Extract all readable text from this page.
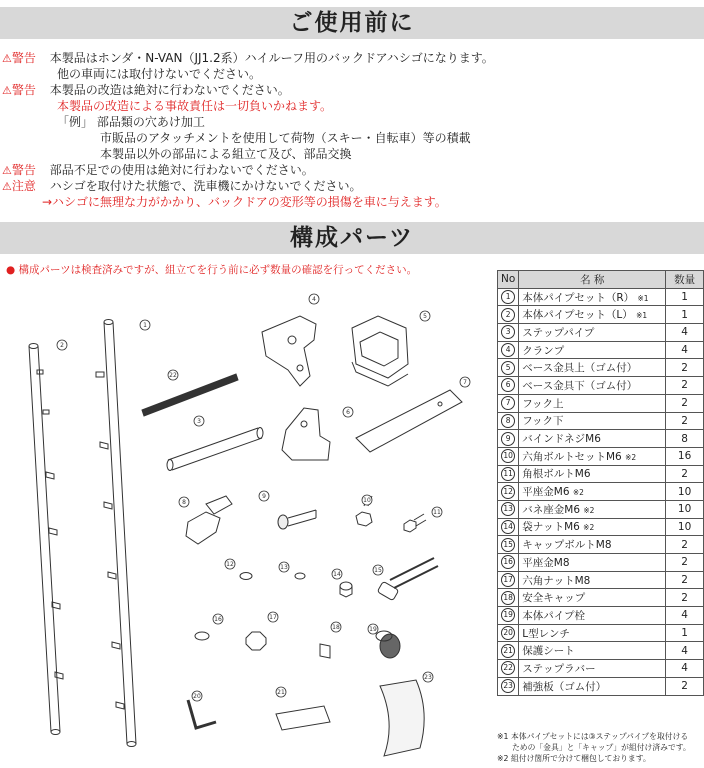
ご使用前に
⚠警告 本製品はホンダ・N-VAN（JJ1.2系）ハイルーフ用のバックドアハシゴになります。
他の車両には取付けないでください。
⚠警告 本製品の改造は絶対に行わないでください。
本製品の改造による事故責任は一切負いかねます。
「例」 部品類の穴あけ加工
市販品のアタッチメントを使用して荷物（スキー・自転車）等の積載
本製品以外の部品による組立て及び、部品交換
⚠警告 部品不足での使用は絶対に行わないでください。
⚠注意 ハシゴを取付けた状態で、洗車機にかけないでください。
→ハシゴに無理な力がかかり、バックドアの変形等の損傷を車に与えます。
構成パーツ
● 構成パーツは検査済みですが、組立てを行う前に必ず数量の確認を行ってください。
1
2
3
4
5
6
7
8
9
10
11
12	13
14
15
16	17
18	19
20
21
22
23
No	名 称	数量
1	本体パイプセット（R） ※1	1
2	本体パイプセット（L） ※1	1
3	ステップパイプ	4
4	クランプ	4
5	ベース金具上（ゴム付）	2
6	ベース金具下（ゴム付）	2
7	フック上	2
8	フック下	2
9	バインドネジM6	8
10	六角ボルトセットM6 ※2	16
11	角根ボルトM6	2
12	平座金M6 ※2	10
13	バネ座金M6 ※2	10
14	袋ナットM6 ※2	10
15	キャップボルトM8	2
16	平座金M8	2
17	六角ナットM8	2
18	安全キャップ	2
19	本体パイプ栓	4
20	L型レンチ	1
21	保護シート	4
22	ステップラバー	4
23	補強板（ゴム付）	2
※1 本体パイプセットには③ステップパイプを取付ける
ための「金具」と「キャップ」が組付け済みです。
※2 組付け箇所で分けて梱包しております。
